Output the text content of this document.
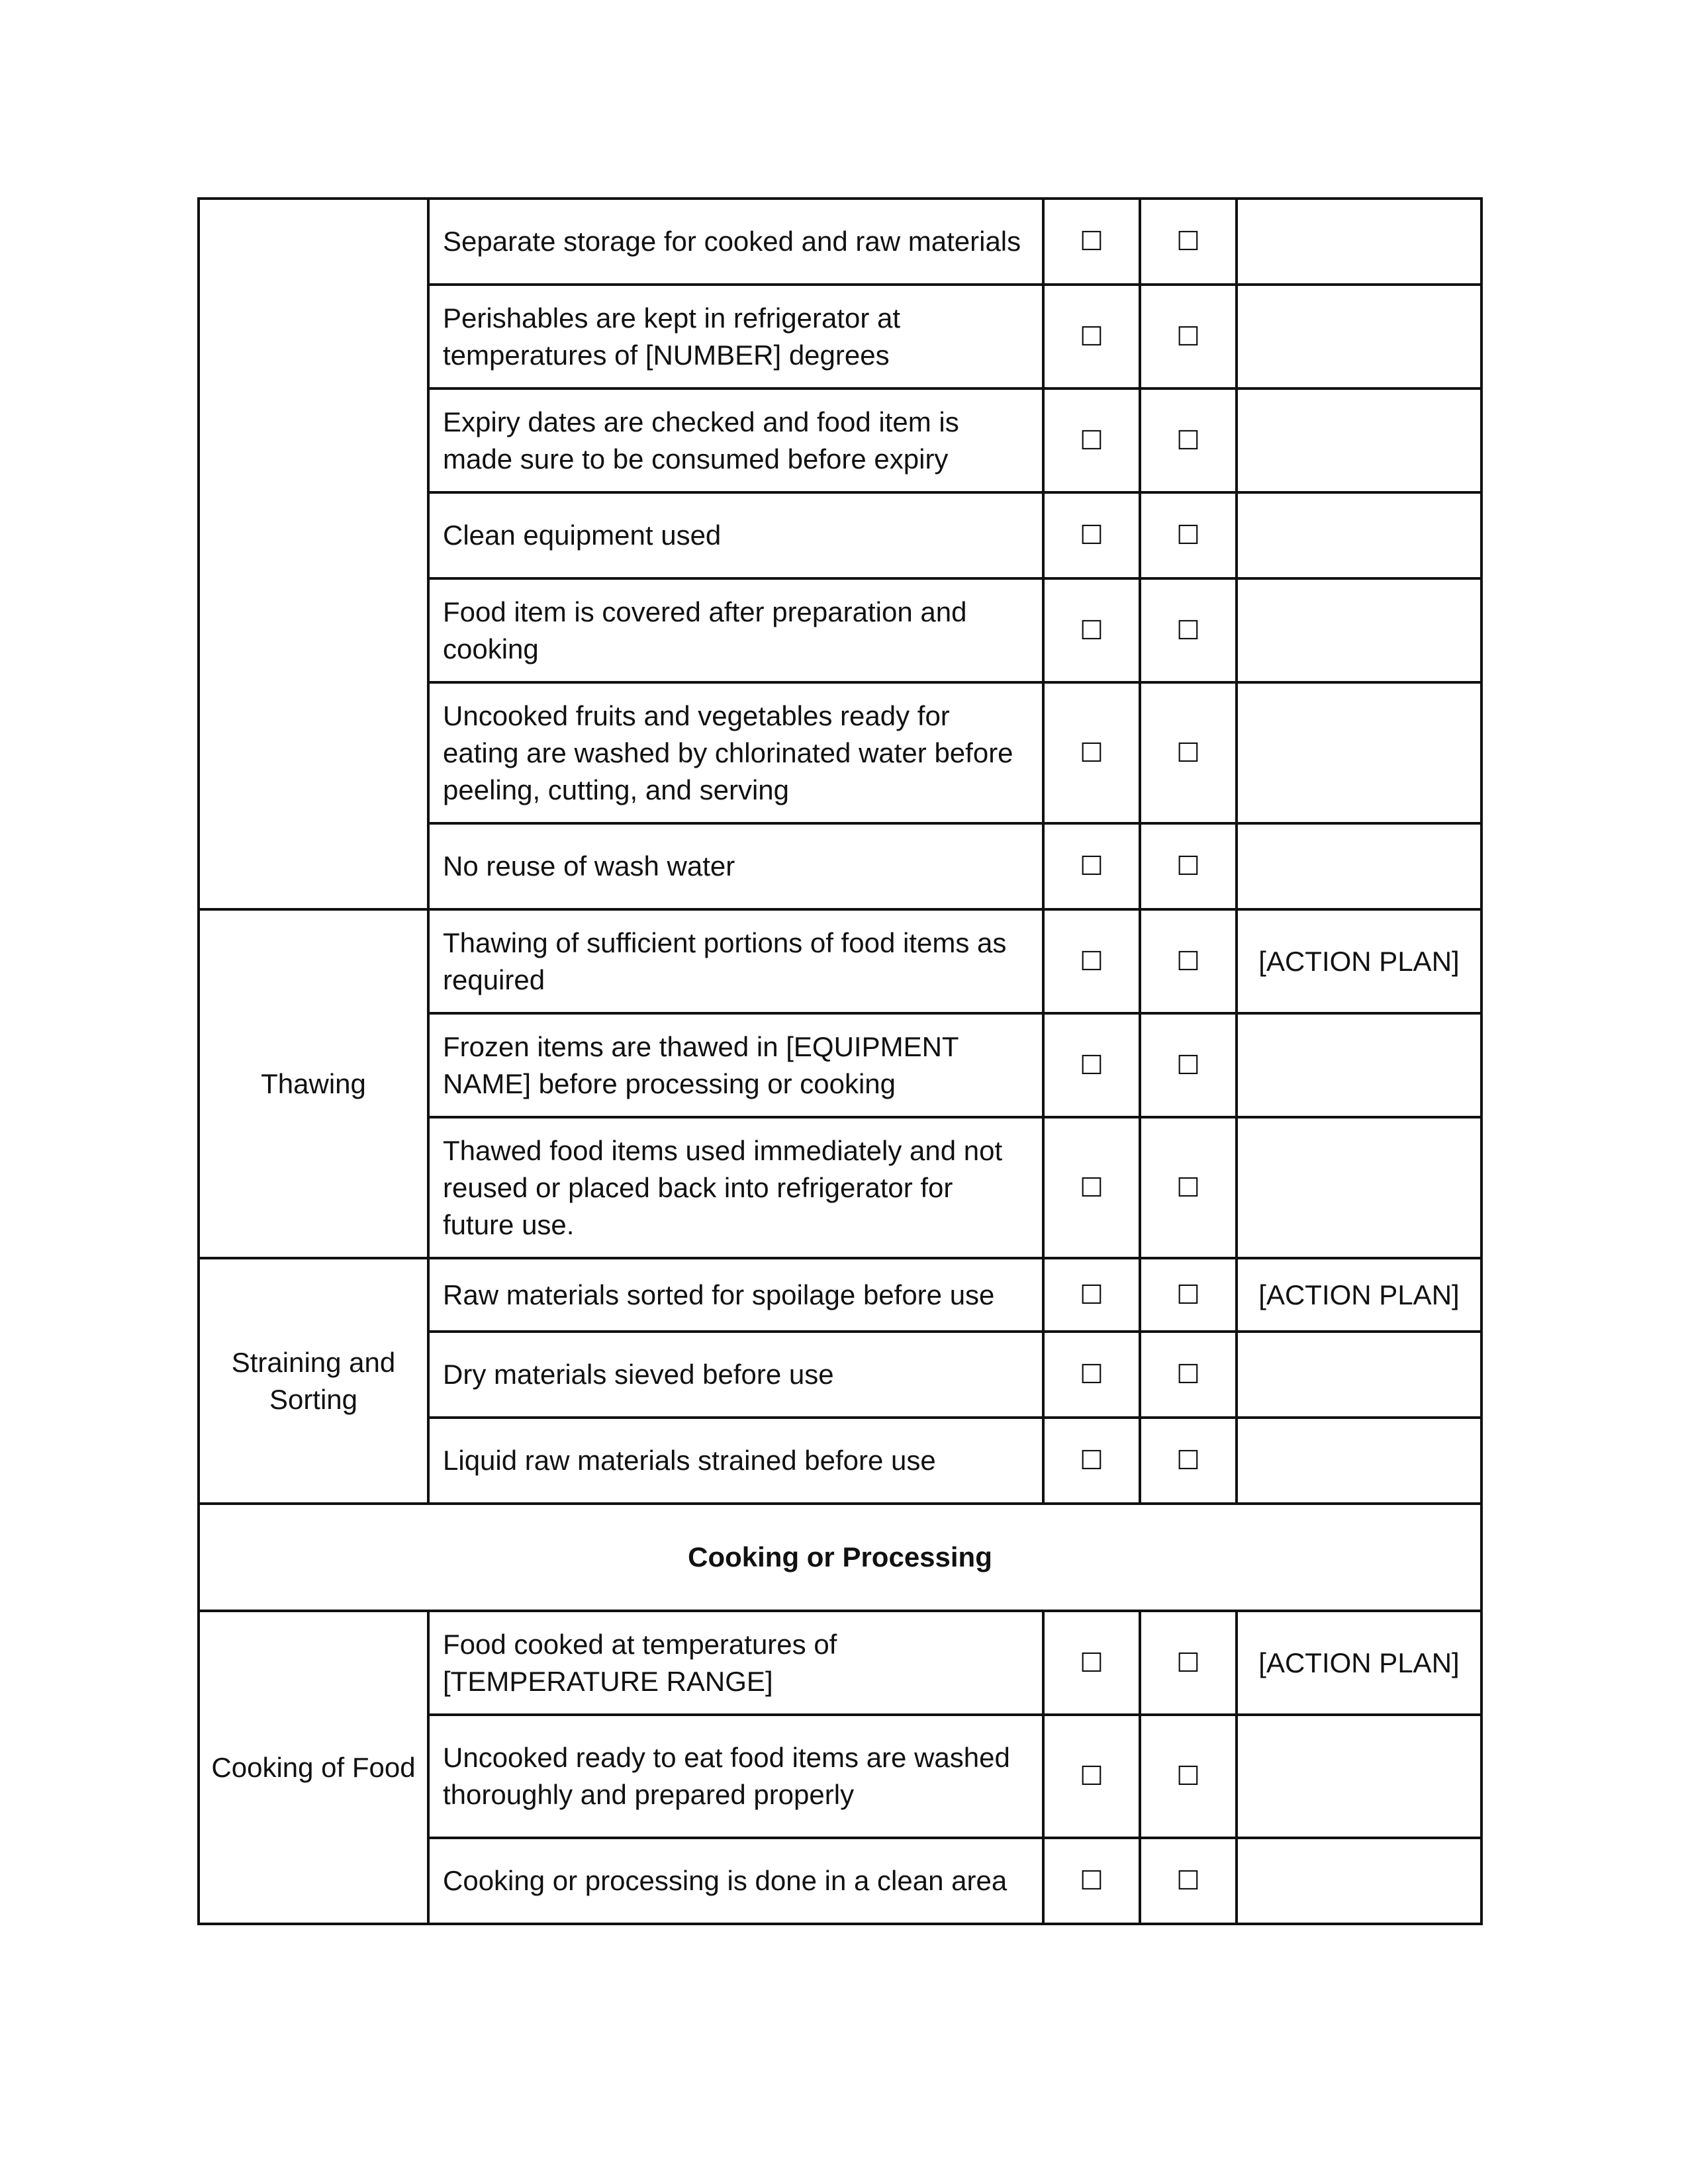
	Separate storage for cooked and raw materials	☐	☐	
	Perishables are kept in refrigerator at temperatures of [NUMBER] degrees	☐	☐	
	Expiry dates are checked and food item is made sure to be consumed before expiry	☐	☐	
	Clean equipment used	☐	☐	
	Food item is covered after preparation and cooking	☐	☐	
	Uncooked fruits and vegetables ready for eating are washed by chlorinated water before peeling, cutting, and serving	☐	☐	
	No reuse of wash water	☐	☐	
Thawing	Thawing of sufficient portions of food items as required	☐	☐	[ACTION PLAN]
	Frozen items are thawed in [EQUIPMENT NAME] before processing or cooking	☐	☐	
	Thawed food items used immediately and not reused or placed back into refrigerator for future use.	☐	☐	
Straining and Sorting	Raw materials sorted for spoilage before use	☐	☐	[ACTION PLAN]
	Dry materials sieved before use	☐	☐	
	Liquid raw materials strained before use	☐	☐	
Cooking or Processing				
Cooking of Food	Food cooked at temperatures of [TEMPERATURE RANGE]	☐	☐	[ACTION PLAN]
	Uncooked ready to eat food items are washed thoroughly and prepared properly	☐	☐	
	Cooking or processing is done in a clean area	☐	☐	
